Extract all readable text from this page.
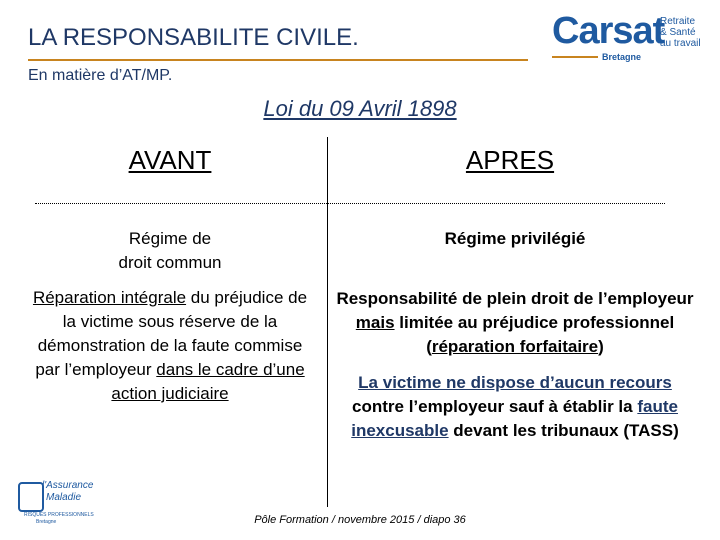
LA RESPONSABILITE CIVILE.
En matière d’AT/MP.
Carsat
Retraite
& Santé
au travail
Bretagne
Loi du 09 Avril 1898
AVANT	APRES
Régime de
droit commun
Réparation intégrale du préjudice de la victime sous réserve de la démonstration de la faute commise par l’employeur dans le cadre d’une action judiciaire
Régime privilégié
Responsabilité de plein droit de l’employeur mais limitée au préjudice professionnel (réparation forfaitaire)
La victime ne dispose d’aucun recours contre l’employeur sauf à établir la faute inexcusable devant les tribunaux (TASS)
l'Assurance
Maladie
RISQUES PROFESSIONNELS
Bretagne	Pôle Formation / novembre 2015 / diapo 36
